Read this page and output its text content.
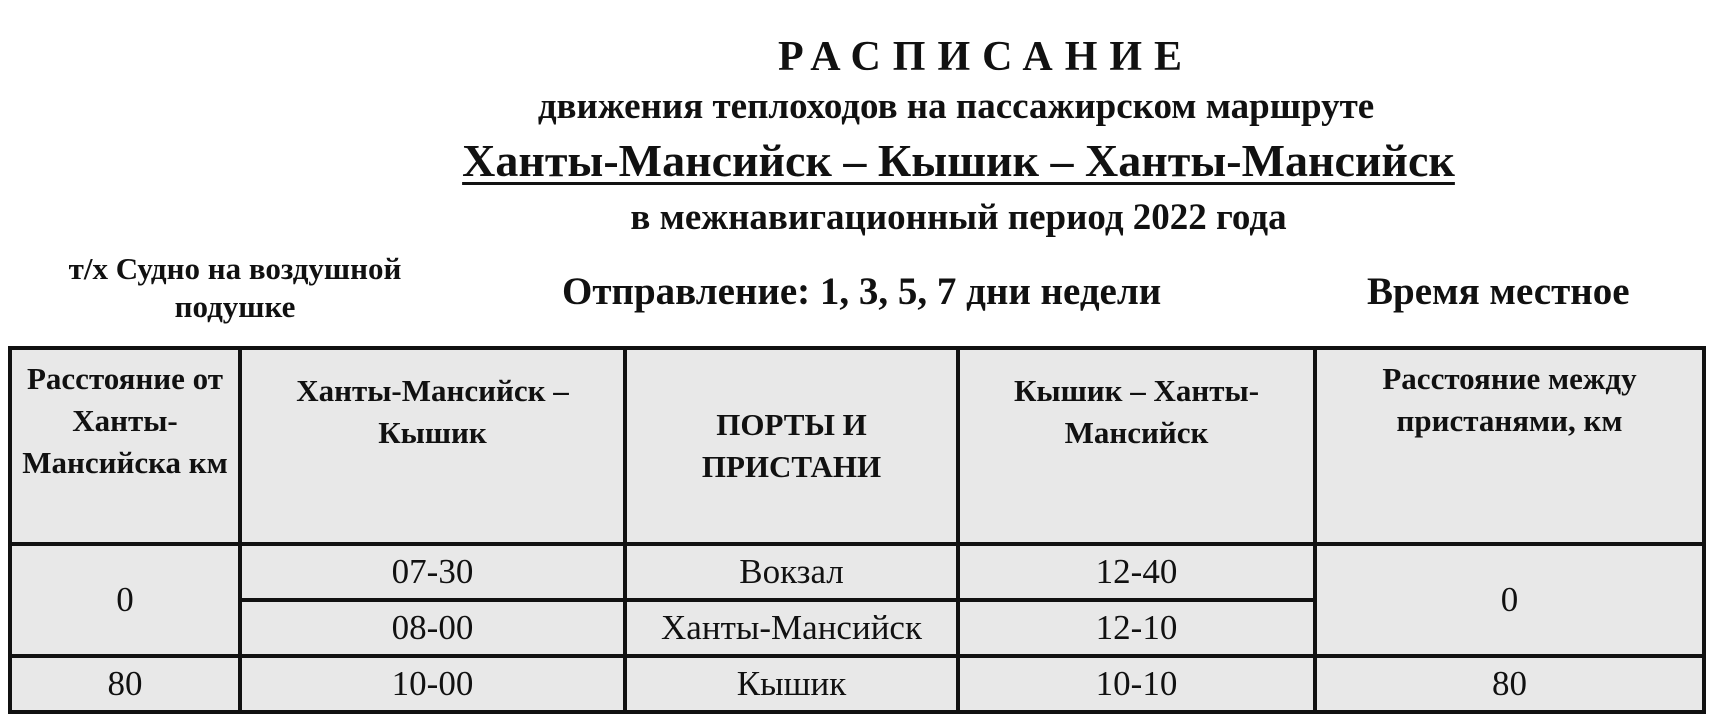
РАСПИСАНИЕ
движения теплоходов на пассажирском маршруте
Ханты-Мансийск – Кышик – Ханты-Мансийск
в межнавигационный период 2022 года
т/х Судно на воздушной подушке	Отправление: 1, 3, 5, 7 дни недели	Время местное
Расстояние от Ханты-Мансийска км	Ханты-Мансийск – Кышик	ПОРТЫ И ПРИСТАНИ	Кышик – Ханты-Мансийск	Расстояние между пристанями, км
0	07-30	Вокзал	12-40	0
	08-00	Ханты-Мансийск	12-10	
80	10-00	Кышик	10-10	80
